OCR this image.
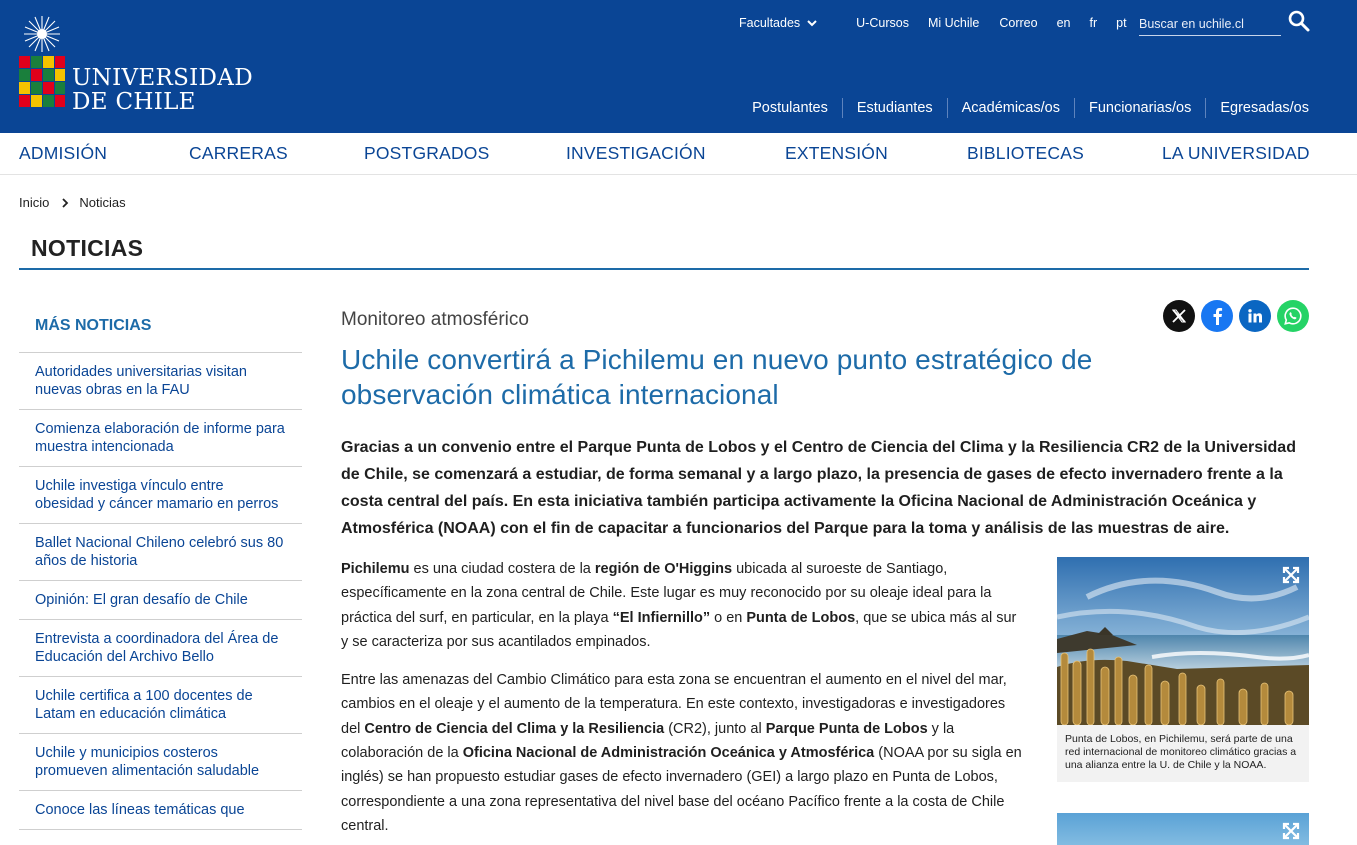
UNIVERSIDAD
DE CHILE
Facultades	U-Cursos Mi Uchile Correo en fr pt
Buscar en uchile.cl
Postulantes	Estudiantes	Académicas/os	Funcionarias/os	Egresadas/os
ADMISIÓN	CARRERAS	POSTGRADOS	INVESTIGACIÓN	EXTENSIÓN	BIBLIOTECAS	LA UNIVERSIDAD
Inicio Noticias
NOTICIAS
MÁS NOTICIAS
Autoridades universitarias visitan nuevas obras en la FAU
Comienza elaboración de informe para muestra intencionada
Uchile investiga vínculo entre obesidad y cáncer mamario en perros
Ballet Nacional Chileno celebró sus 80 años de historia
Opinión: El gran desafío de Chile
Entrevista a coordinadora del Área de Educación del Archivo Bello
Uchile certifica a 100 docentes de Latam en educación climática
Uchile y municipios costeros promueven alimentación saludable
Conoce las líneas temáticas que
Monitoreo atmosférico
Uchile convertirá a Pichilemu en nuevo punto estratégico de observación climática internacional

Gracias a un convenio entre el Parque Punta de Lobos y el Centro de Ciencia del Clima y la Resiliencia CR2 de la Universidad de Chile, se comenzará a estudiar, de forma semanal y a largo plazo, la presencia de gases de efecto invernadero frente a la costa central del país. En esta iniciativa también participa activamente la Oficina Nacional de Administración Oceánica y Atmosférica (NOAA) con el fin de capacitar a funcionarios del Parque para la toma y análisis de las muestras de aire.

Pichilemu es una ciudad costera de la región de O'Higgins ubicada al suroeste de Santiago, específicamente en la zona central de Chile. Este lugar es muy reconocido por su oleaje ideal para la práctica del surf, en particular, en la playa “El Infiernillo” o en Punta de Lobos, que se ubica más al sur y se caracteriza por sus acantilados empinados.

Entre las amenazas del Cambio Climático para esta zona se encuentran el aumento en el nivel del mar, cambios en el oleaje y el aumento de la temperatura. En este contexto, investigadoras e investigadores del Centro de Ciencia del Clima y la Resiliencia (CR2), junto al Parque Punta de Lobos y la colaboración de la Oficina Nacional de Administración Oceánica y Atmosférica (NOAA por su sigla en inglés) se han propuesto estudiar gases de efecto invernadero (GEI) a largo plazo en Punta de Lobos, correspondiente a una zona representativa del nivel base del océano Pacífico frente a la costa de Chile central.

Punta de Lobos, en Pichilemu, será parte de una red internacional de monitoreo climático gracias a una alianza entre la U. de Chile y la NOAA.
